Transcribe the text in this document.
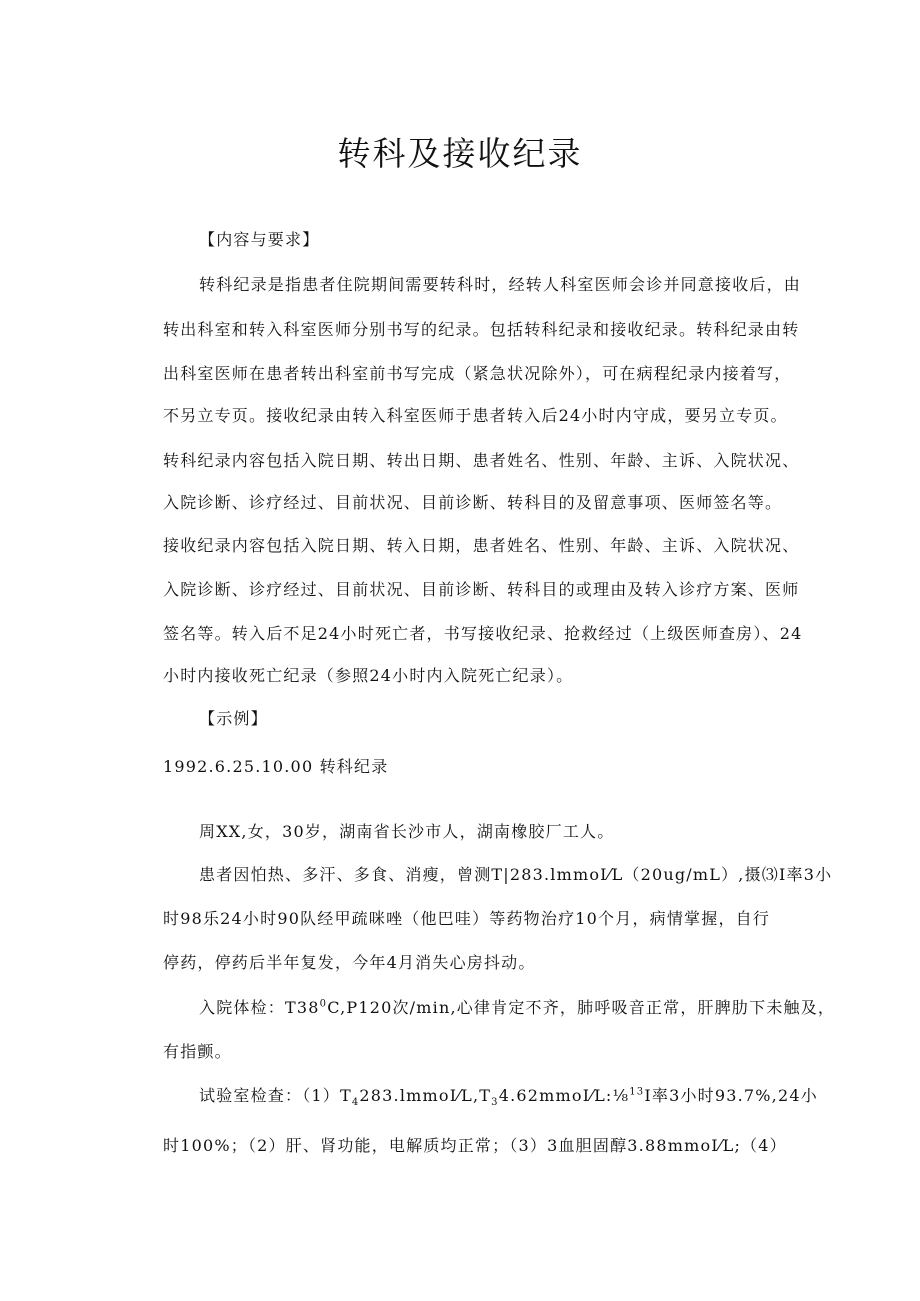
转科及接收纪录
【内容与要求】
转科纪录是指患者住院期间需要转科时，经转人科室医师会诊并同意接收后，由
转出科室和转入科室医师分别书写的纪录。包括转科纪录和接收纪录。转科纪录由转
出科室医师在患者转出科室前书写完成（紧急状况除外），可在病程纪录内接着写，
不另立专页。接收纪录由转入科室医师于患者转入后24小时内守成，要另立专页。
转科纪录内容包括入院日期、转出日期、患者姓名、性别、年龄、主诉、入院状况、
入院诊断、诊疗经过、目前状况、目前诊断、转科目的及留意事项、医师签名等。
接收纪录内容包括入院日期、转入日期，患者姓名、性别、年龄、主诉、入院状况、
入院诊断、诊疗经过、目前状况、目前诊断、转科目的或理由及转入诊疗方案、医师
签名等。转入后不足24小时死亡者，书写接收纪录、抢救经过（上级医师查房）、24
小时内接收死亡纪录（参照24小时内入院死亡纪录）。
【示例】
1992.6.25.10.00 转科纪录
周XX,女，30岁，湖南省长沙市人，湖南橡胶厂工人。
患者因怕热、多汗、多食、消瘦，曾测T|283.lmmoI⁄L（20ug∕mL）,摄⑶I率3小
时98乐24小时90队经甲疏咪唑（他巴哇）等药物治疗10个月，病情掌握，自行
停药，停药后半年复发，今年4月消失心房抖动。
入院体检：$T38^0C,P120$次∕min,心律肯定不齐，肺呼吸音正常，肝脾肋下未触及，
有指颤。
试验室检查：$(1)T_4283.lmmoI⁄L,T_34.62mmoI⁄L:\frac{1}{8}^{13}I$率3小时93.7%,24小
时100%；（2）肝、肾功能，电解质均正常；（3）3血胆固醇3.88mmoI⁄L;（4）
